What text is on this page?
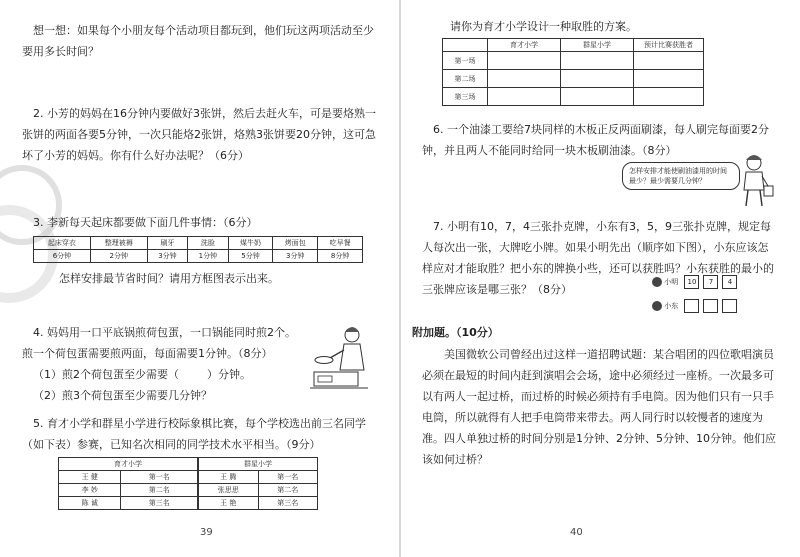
想一想：如果每个小朋友每个活动项目都玩到，他们玩这两项活动至少要用多长时间？

2. 小芳的妈妈在16分钟内要做好3张饼，然后去赶火车，可是要烙熟一张饼的两面各要5分钟，一次只能烙2张饼，烙熟3张饼要20分钟，这可急坏了小芳的妈妈。你有什么好办法呢？（6分）

3. 李新每天起床都要做下面几件事情：（6分）

起床穿衣	整理被褥	刷牙	洗脸	煤牛奶	烤面包	吃早餐
6分钟	2分钟	3分钟	1分钟	5分钟	3分钟	8分钟

怎样安排最节省时间？请用方框图表示出来。

4. 妈妈用一口平底锅煎荷包蛋，一口锅能同时煎2个。煎一个荷包蛋需要煎两面，每面需要1分钟。（8分）

（1）煎2个荷包蛋至少需要（	）分钟。

（2）煎3个荷包蛋至少需要几分钟？

5. 育才小学和群星小学进行校际象棋比赛，每个学校选出前三名同学（如下表）参赛，已知名次相同的同学技术水平相当。（9分）

育才小学	
王 健	第一名
李 妙	第二名
陈 诚	第三名
群星小学	
王 腾	第一名
张思思	第二名
王 艳	第三名
39

请你为育才小学设计一种取胜的方案。

	育才小学	群星小学	预计比赛获胜者
第一场			
第二场			
第三场			

6. 一个油漆工要给7块同样的木板正反两面刷漆，每人刷完每面要2分钟，并且两人不能同时给同一块木板刷油漆。（8分）

怎样安排才能使刷油漆用的时间最少？最少需要几分钟？

7. 小明有10，7，4三张扑克牌，小东有3，5，9三张扑克牌，规定每人每次出一张，大牌吃小牌。如果小明先出（顺序如下图），小东应该怎样应对才能取胜？把小东的牌换小些，还可以获胜吗？小东获胜的最小的三张牌应该是哪三张？（8分）

小明 10 7 4
小东

附加题。（10分）

美国微软公司曾经出过这样一道招聘试题：某合唱团的四位歌唱演员必须在最短的时间内赶到演唱会会场，途中必须经过一座桥。一次最多可以有两人一起过桥，而过桥的时候必须持有手电筒。因为他们只有一只手电筒，所以就得有人把手电筒带来带去。两人同行时以较慢者的速度为准。四人单独过桥的时间分别是1分钟、2分钟、5分钟、10分钟。他们应该如何过桥？

40
